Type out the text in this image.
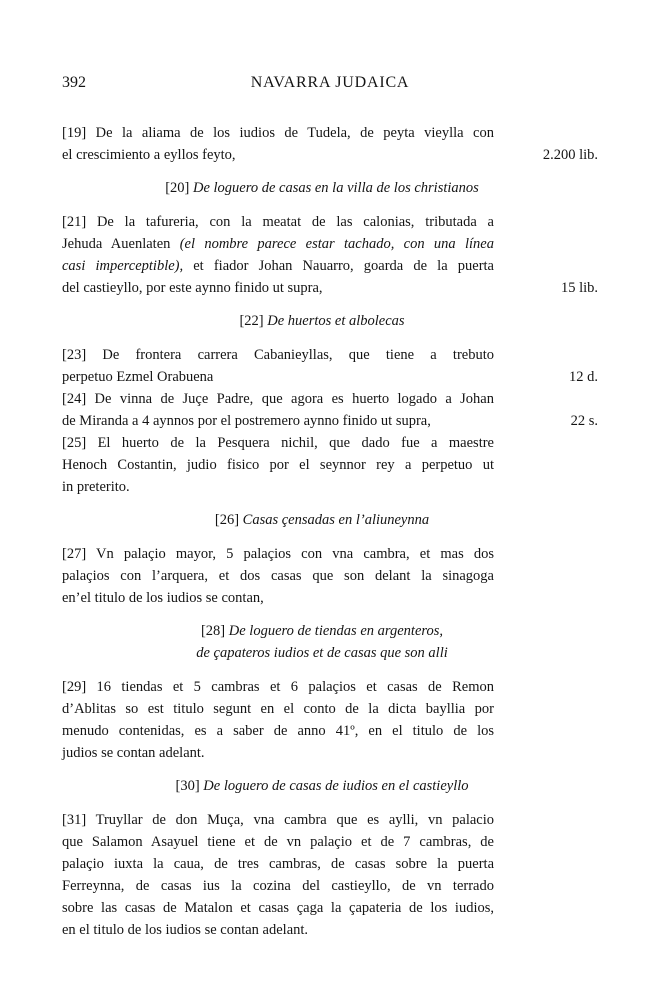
392	NAVARRA JUDAICA
[19] De la aliama de los iudios de Tudela, de peyta vieylla con
el crescimiento a eyllos feyto,	2.200 lib.
[20] De loguero de casas en la villa de los christianos
[21] De la tafureria, con la meatat de las calonias, tributada a
Jehuda Auenlaten (el nombre parece estar tachado, con una línea
casi imperceptible), et fiador Johan Nauarro, goarda de la puerta
del castieyllo, por este aynno finido ut supra,	15 lib.
[22] De huertos et albolecas
[23] De frontera carrera Cabanieyllas, que tiene a trebuto
perpetuo Ezmel Orabuena	12 d.
[24] De vinna de Juçe Padre, que agora es huerto logado a Johan
de Miranda a 4 aynnos por el postremero aynno finido ut supra,	22 s.
[25] El huerto de la Pesquera nichil, que dado fue a maestre
Henoch Costantin, judio fisico por el seynnor rey a perpetuo ut
in preterito.
[26] Casas çensadas en l’aliuneynna
[27] Vn palaçio mayor, 5 palaçios con vna cambra, et mas dos
palaçios con l’arquera, et dos casas que son delant la sinagoga
en’el titulo de los iudios se contan,
[28] De loguero de tiendas en argenteros,
de çapateros iudios et de casas que son alli
[29] 16 tiendas et 5 cambras et 6 palaçios et casas de Remon
d’Ablitas so est titulo segunt en el conto de la dicta bayllia por
menudo contenidas, es a saber de anno 41º, en el titulo de los
judios se contan adelant.
[30] De loguero de casas de iudios en el castieyllo
[31] Truyllar de don Muça, vna cambra que es aylli, vn palacio
que Salamon Asayuel tiene et de vn palaçio et de 7 cambras, de
palaçio iuxta la caua, de tres cambras, de casas sobre la puerta
Ferreynna, de casas ius la cozina del castieyllo, de vn terrado
sobre las casas de Matalon et casas çaga la çapateria de los iudios,
en el titulo de los iudios se contan adelant.
